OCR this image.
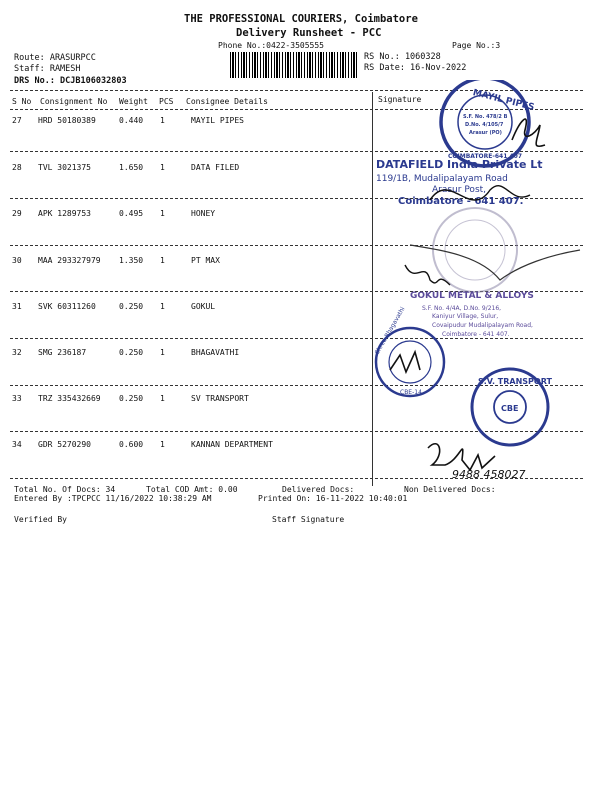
THE PROFESSIONAL COURIERS, Coimbatore
Delivery Runsheet - PCC
Phone No.:0422-3505555	Page No.:3
Route: ARASURPCC
Staff: RAMESH
DRS No.: DCJB106032803
RS No.: 1060328
RS Date: 16-Nov-2022
S No Consignment No Weight PCS Consignee Details	Signature
27 HRD 50180389	0.440 1	MAYIL PIPES
28 TVL 3021375	1.650 1	DATA FILED
29 APK 1289753	0.495 1	HONEY
30 MAA 293327979 1.350 1	PT MAX
31 SVK 60311260	0.250 1	GOKUL
32 SMG 236187	0.250 1	BHAGAVATHI
33 TRZ 335432669 0.250 1	SV TRANSPORT
34 GDR 5270290	0.600 1	KANNAN DEPARTMENT
MAYIL PIPES
S.F. No. 478/2 B
D.No. 4/105/7
Arasur (PO)
COIMBATORE-641 407
DATAFIELD India Private Lt
119/1B, Mudalipalayam Road
Arasur Post,
Coimbatore - 641 407.
GOKUL METAL & ALLOYS
S.F. No. 4/4A, D.No. 9/216,
Kaniyur Village, Sulur,
Covaipudur Mudalipalayam Road,
Coimbatore - 641 407.
Shree Bhagavathi
CBE-14.
S.V. TRANSPORT
CBE
9488 458027
Total No. Of Docs: 34	Total COD Amt: 0.00	Delivered Docs:	Non Delivered Docs:
Entered By :TPCPCC 11/16/2022 10:38:29 AM	Printed On: 16-11-2022 10:40:01
Verified By	Staff Signature
